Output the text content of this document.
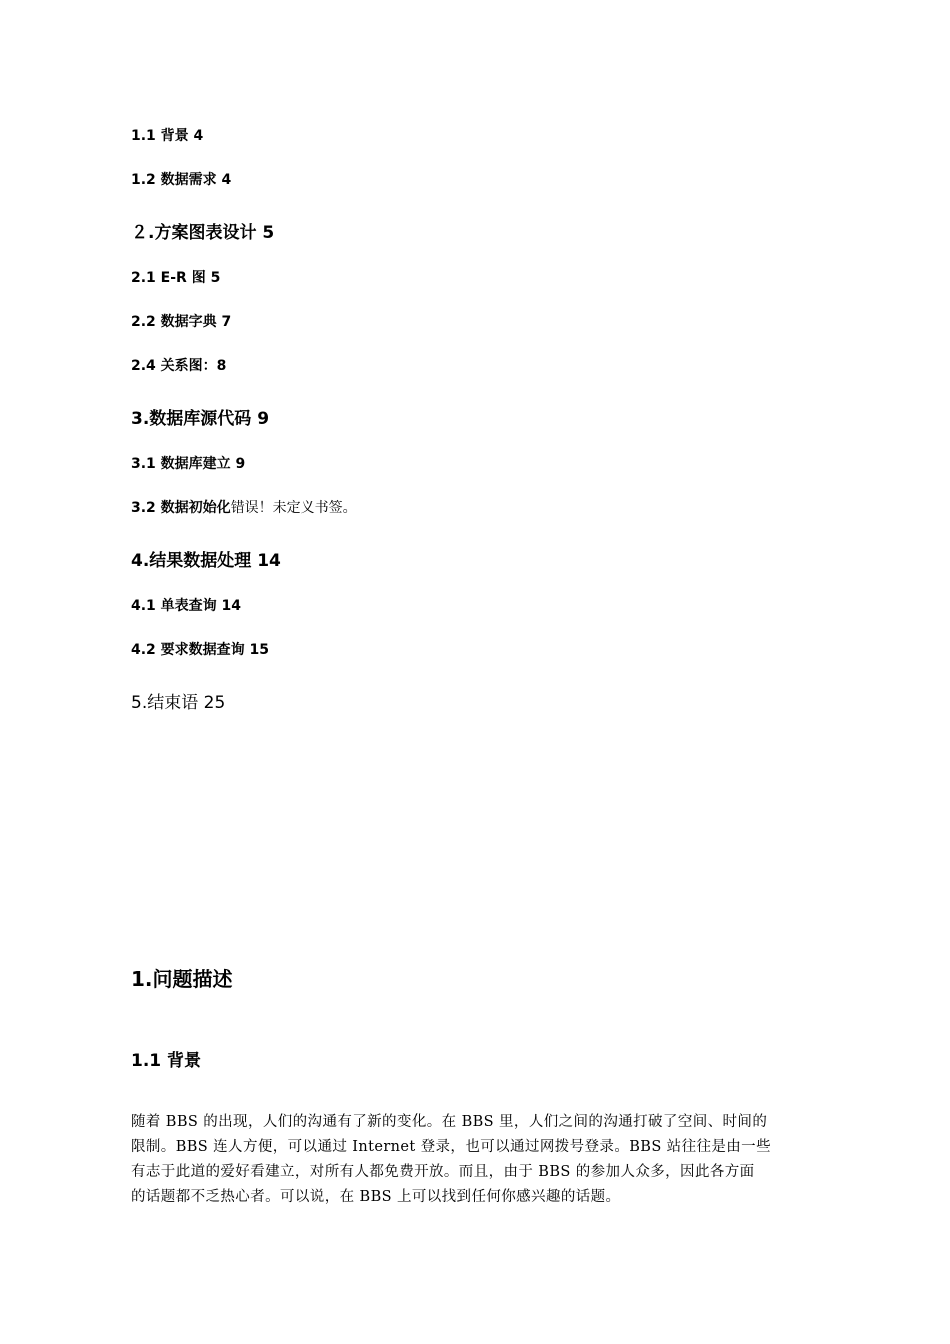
1.1 背景 4
1.2 数据需求 4
２.方案图表设计 5
2.1 E-R 图 5
2.2 数据字典 7
2.4 关系图：8
3.数据库源代码 9
3.1 数据库建立 9
3.2 数据初始化错误！未定义书签。
4.结果数据处理 14
4.1 单表查询 14
4.2 要求数据查询 15
5.结束语 25
1.问题描述
1.1 背景
随着 BBS 的出现，人们的沟通有了新的变化。在 BBS 里，人们之间的沟通打破了空间、时间的
限制。BBS 连人方便，可以通过 Internet 登录，也可以通过网拨号登录。BBS 站往往是由一些
有志于此道的爱好看建立，对所有人都免费开放。而且，由于 BBS 的参加人众多，因此各方面
的话题都不乏热心者。可以说，在 BBS 上可以找到任何你感兴趣的话题。
